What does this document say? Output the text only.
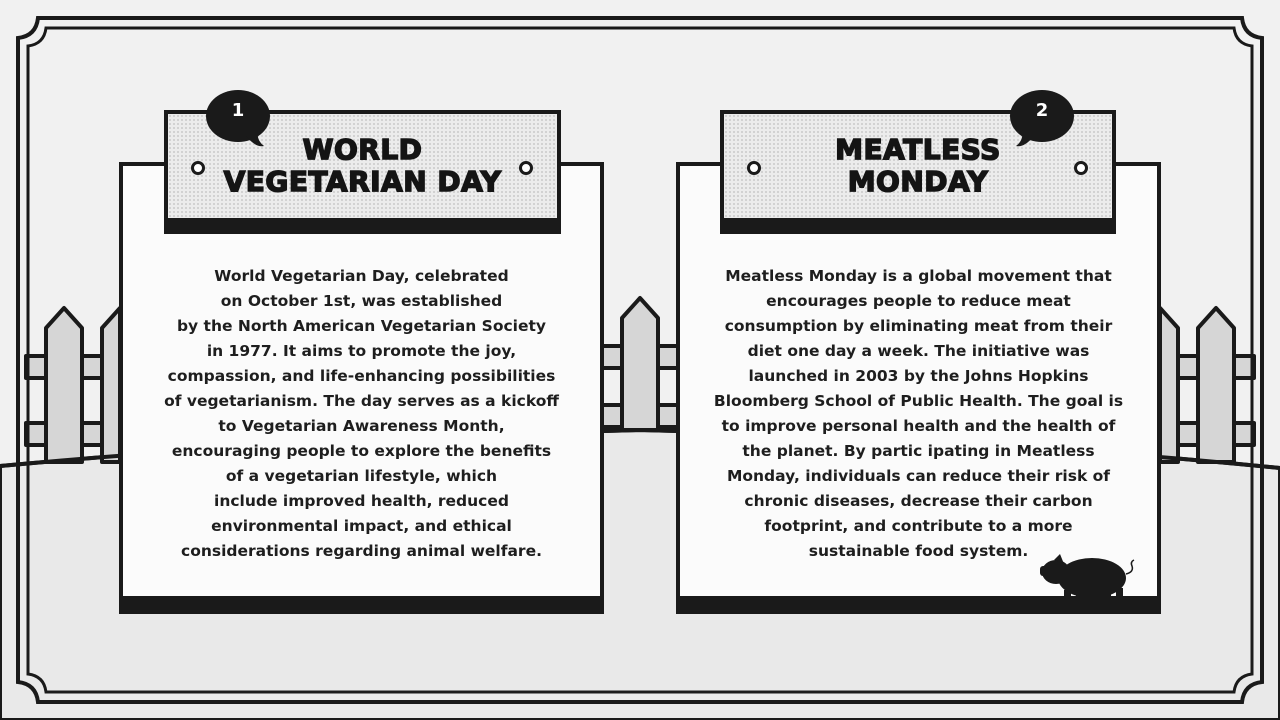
WORLD
VEGETARIAN DAY
1

World Vegetarian Day, celebrated
on October 1st, was established
by the North American Vegetarian Society
in 1977. It aims to promote the joy,
compassion, and life-enhancing possibilities
of vegetarianism. The day serves as a kickoff
to Vegetarian Awareness Month,
encouraging people to explore the benefits
of a vegetarian lifestyle, which
include improved health, reduced
environmental impact, and ethical
considerations regarding animal welfare.

MEATLESS
MONDAY
2

Meatless Monday is a global movement that
encourages people to reduce meat
consumption by eliminating meat from their
diet one day a week. The initiative was
launched in 2003 by the Johns Hopkins
Bloomberg School of Public Health. The goal is
to improve personal health and the health of
the planet. By partic ipating in Meatless
Monday, individuals can reduce their risk of
chronic diseases, decrease their carbon
footprint, and contribute to a more
sustainable food system.
